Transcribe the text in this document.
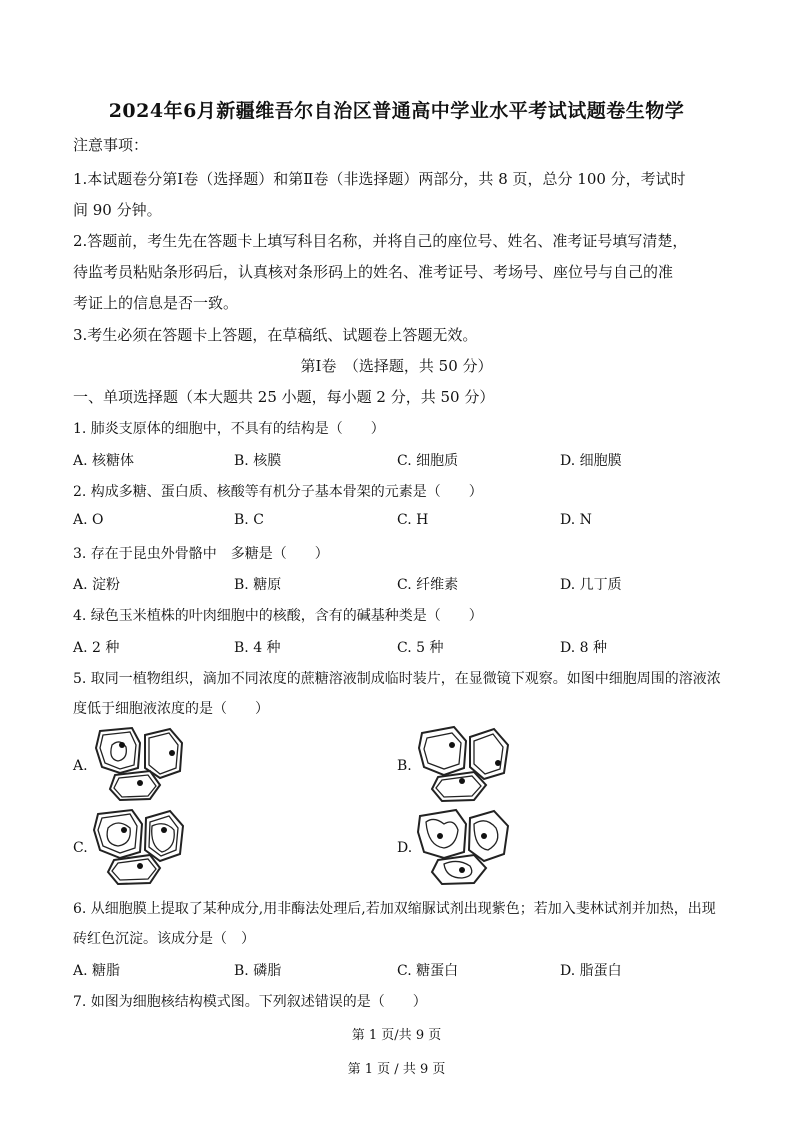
2024年6月新疆维吾尔自治区普通高中学业水平考试试题卷生物学
注意事项：
1.本试题卷分第Ⅰ卷（选择题）和第Ⅱ卷（非选择题）两部分，共 8 页，总分 100 分，考试时
间 90 分钟。
2.答题前，考生先在答题卡上填写科目名称，并将自己的座位号、姓名、准考证号填写清楚，
待监考员粘贴条形码后，认真核对条形码上的姓名、准考证号、考场号、座位号与自己的准
考证上的信息是否一致。
3.考生必须在答题卡上答题，在草稿纸、试题卷上答题无效。
第Ⅰ卷　（选择题，共 50 分）
一、单项选择题（本大题共 25 小题，每小题 2 分，共 50 分）
1. 肺炎支原体的细胞中，不具有的结构是（　　）
A. 核糖体	B. 核膜	C. 细胞质	D. 细胞膜
2. 构成多糖、蛋白质、核酸等有机分子基本骨架的元素是（　　）
A. O	B. C	C. H	D. N
3. 存在于昆虫外骨骼中　多糖是（　　）
A. 淀粉	B. 糖原	C. 纤维素	D. 几丁质
4. 绿色玉米植株的叶肉细胞中的核酸，含有的碱基种类是（　　）
A. 2 种	B. 4 种	C. 5 种	D. 8 种
5. 取同一植物组织，滴加不同浓度的蔗糖溶液制成临时装片，在显微镜下观察。如图中细胞周围的溶液浓
度低于细胞液浓度的是（　　）
A.	B.
C.	D.
6. 从细胞膜上提取了某种成分,用非酶法处理后,若加双缩脲试剂出现紫色；若加入斐林试剂并加热，出现
砖红色沉淀。该成分是（　）
A. 糖脂	B. 磷脂	C. 糖蛋白	D. 脂蛋白
7. 如图为细胞核结构模式图。下列叙述错误的是（　　）
第 1 页/共 9 页
第 1 页 / 共 9 页
